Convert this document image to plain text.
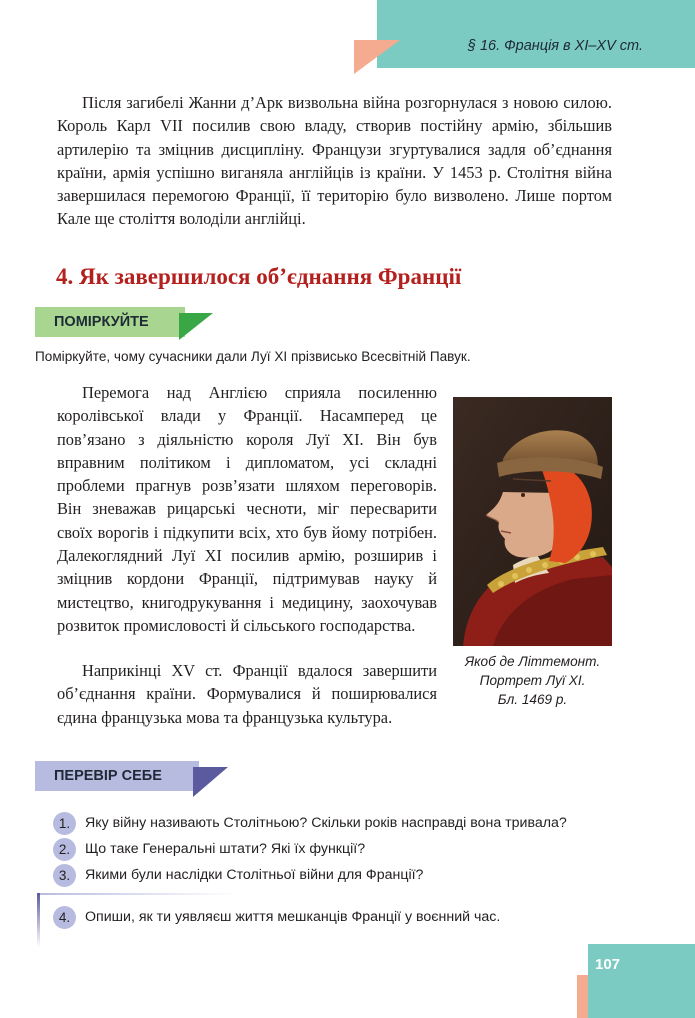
§ 16. Франція в XI–XV ст.

Після загибелі Жанни д’Арк визвольна війна розгорнулася з новою силою. Король Карл VII посилив свою владу, створив постійну армію, збільшив артилерію та зміцнив дисципліну. Французи згуртувалися задля об’єднання країни, армія успішно виганяла англійців із країни. У 1453 р. Столітня війна завершилася перемогою Франції, її територію було визволено. Лише портом Кале ще століття володіли англійці.

4. Як завершилося об’єднання Франції
ПОМІРКУЙТЕ

Поміркуйте, чому сучасники дали Луї ХІ прізвисько Всесвітній Павук.

Перемога над Англією сприяла посиленню королівської влади у Франції. Насамперед це пов’язано з діяльністю короля Луї ХІ. Він був вправним політиком і дипломатом, усі складні проблеми прагнув розв’язати шляхом переговорів. Він зневажав рицарські чесноти, міг пересварити своїх ворогів і підкупити всіх, хто був йому потрібен. Далекоглядний Луї ХІ посилив армію, розширив і зміцнив кордони Франції, підтримував науку й мистецтво, книгодрукування і медицину, заохочував розвиток промисловості й сільського господарства.

Наприкінці XV ст. Франції вдалося завершити об’єднання країни. Формувалися й поширювалися єдина французька мова та французька культура.

Якоб де Літтемонт.
Портрет Луї XI.
Бл. 1469 р.

ПЕРЕВІР СЕБЕ
1.	Яку війну називають Столітньою? Скільки років насправді вона тривала?
2.	Що таке Генеральні штати? Які їх функції?
3.	Якими були наслідки Столітньої війни для Франції?
4.	Опиши, як ти уявляєш життя мешканців Франції у воєнний час.

107
